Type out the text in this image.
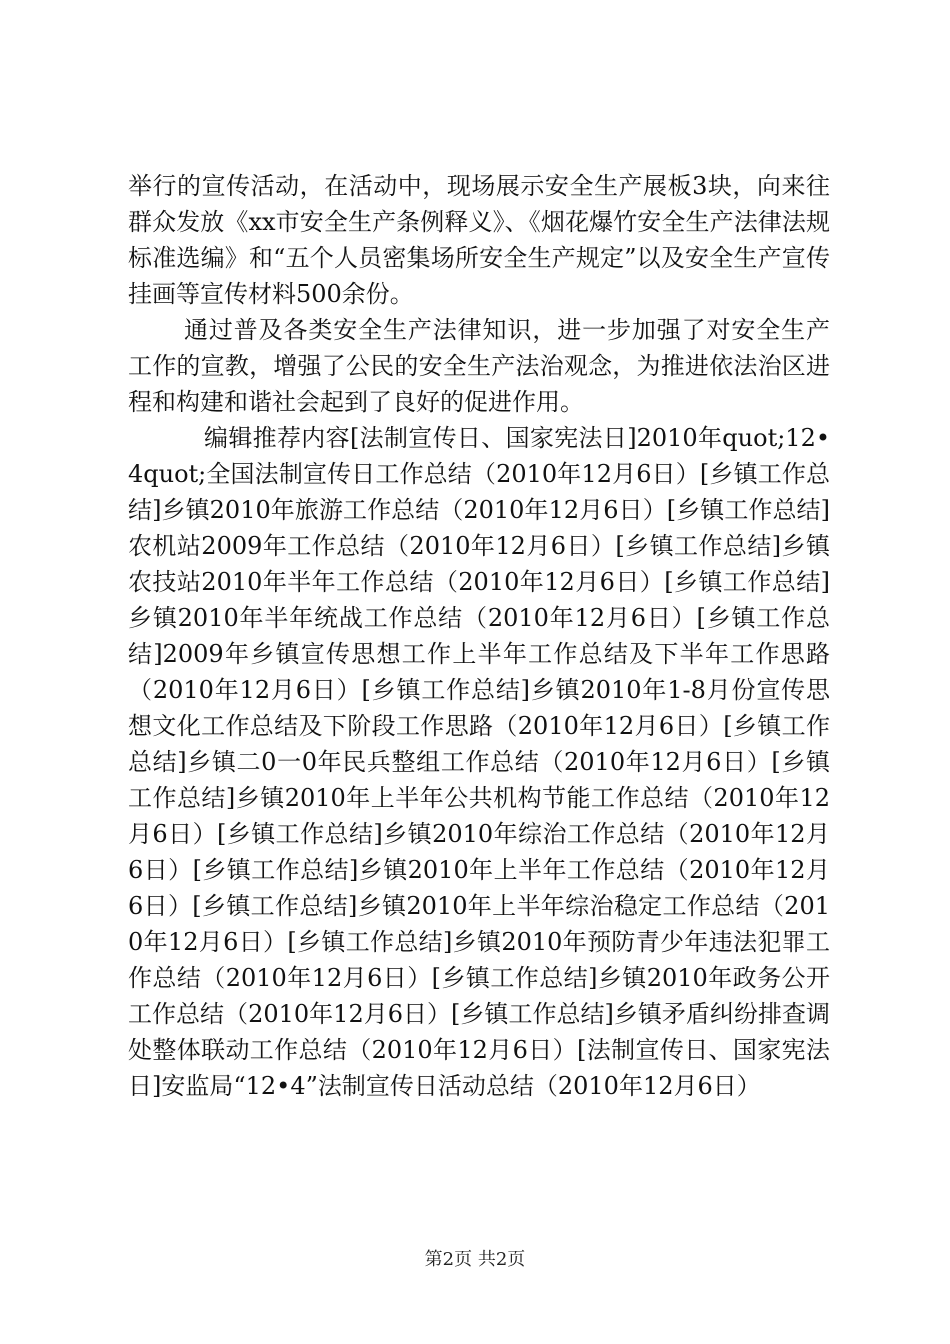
举行的宣传活动，在活动中，现场展示安全生产展板3块，向来往群众发放《xx市安全生产条例释义》、《烟花爆竹安全生产法律法规标准选编》和“五个人员密集场所安全生产规定”以及安全生产宣传挂画等宣传材料500余份。

通过普及各类安全生产法律知识，进一步加强了对安全生产工作的宣教，增强了公民的安全生产法治观念，为推进依法治区进程和构建和谐社会起到了良好的促进作用。

编辑推荐内容[法制宣传日、国家宪法日]2010年quot;12•4quot;全国法制宣传日工作总结（2010年12月6日）[乡镇工作总结]乡镇2010年旅游工作总结（2010年12月6日）[乡镇工作总结]农机站2009年工作总结（2010年12月6日）[乡镇工作总结]乡镇农技站2010年半年工作总结（2010年12月6日）[乡镇工作总结]乡镇2010年半年统战工作总结（2010年12月6日）[乡镇工作总结]2009年乡镇宣传思想工作上半年工作总结及下半年工作思路（2010年12月6日）[乡镇工作总结]乡镇2010年1-8月份宣传思想文化工作总结及下阶段工作思路（2010年12月6日）[乡镇工作总结]乡镇二0一0年民兵整组工作总结（2010年12月6日）[乡镇工作总结]乡镇2010年上半年公共机构节能工作总结（2010年12月6日）[乡镇工作总结]乡镇2010年综治工作总结（2010年12月6日）[乡镇工作总结]乡镇2010年上半年工作总结（2010年12月6日）[乡镇工作总结]乡镇2010年上半年综治稳定工作总结（2010年12月6日）[乡镇工作总结]乡镇2010年预防青少年违法犯罪工作总结（2010年12月6日）[乡镇工作总结]乡镇2010年政务公开工作总结（2010年12月6日）[乡镇工作总结]乡镇矛盾纠纷排查调处整体联动工作总结（2010年12月6日）[法制宣传日、国家宪法日]安监局“12•4”法制宣传日活动总结（2010年12月6日）

第2页 共2页
